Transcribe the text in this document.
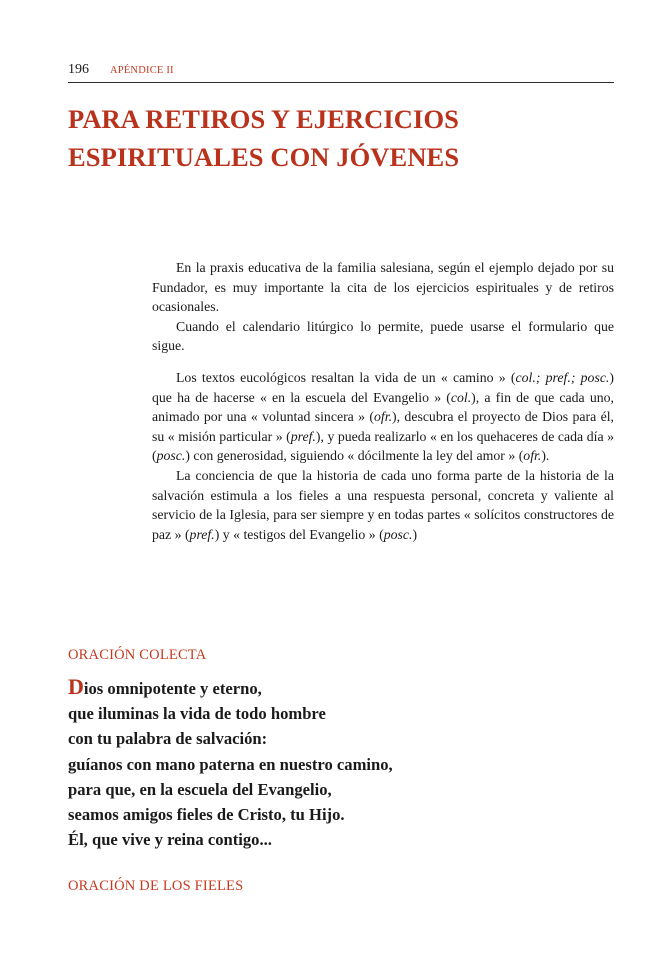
196 APÉNDICE II
PARA RETIROS Y EJERCICIOS
ESPIRITUALES CON JÓVENES

En la praxis educativa de la familia salesiana, según el ejemplo dejado por su Fundador, es muy importante la cita de los ejercicios espirituales y de retiros ocasionales.

Cuando el calendario litúrgico lo permite, puede usarse el formulario que sigue.

Los textos eucológicos resaltan la vida de un « camino » (col.; pref.; posc.) que ha de hacerse « en la escuela del Evangelio » (col.), a fin de que cada uno, animado por una « voluntad sincera » (ofr.), descubra el proyecto de Dios para él, su « misión particular » (pref.), y pueda realizarlo « en los quehaceres de cada día » (posc.) con generosidad, siguiendo « dócilmente la ley del amor » (ofr.).

La conciencia de que la historia de cada uno forma parte de la historia de la salvación estimula a los fieles a una respuesta personal, concreta y valiente al servicio de la Iglesia, para ser siempre y en todas partes « solícitos constructores de paz » (pref.) y « testigos del Evangelio » (posc.)

ORACIÓN COLECTA
Dios omnipotente y eterno,
que iluminas la vida de todo hombre
con tu palabra de salvación:
guíanos con mano paterna en nuestro camino,
para que, en la escuela del Evangelio,
seamos amigos fieles de Cristo, tu Hijo.
Él, que vive y reina contigo...
ORACIÓN DE LOS FIELES
